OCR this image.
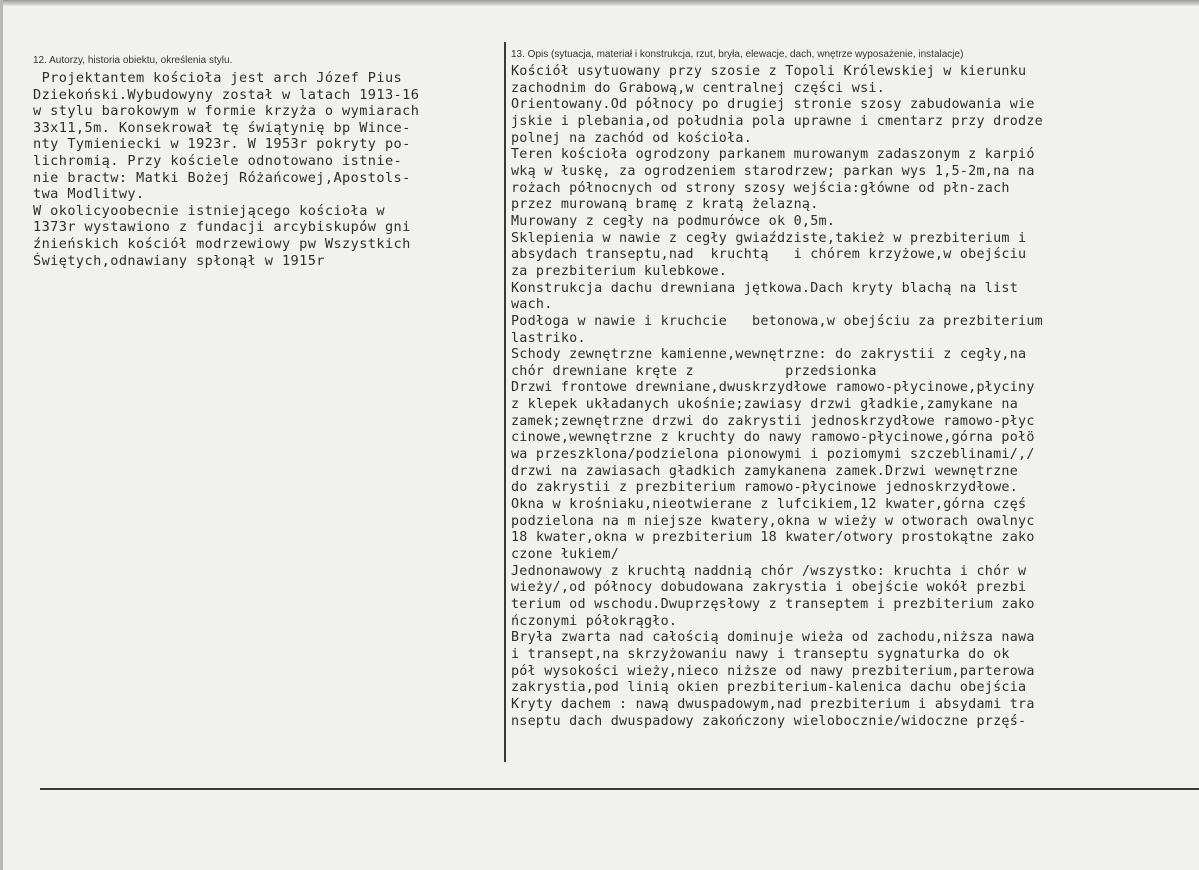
12. Autorzy, historia obiektu, określenia stylu.
Projektantem kościoła jest arch Józef Pius
Dziekoński.Wybudowyny został w latach 1913-16
w stylu barokowym w formie krzyża o wymiarach
33x11,5m. Konsekrował tę świątynię bp Wince-
nty Tymieniecki w 1923r. W 1953r pokryty po-
lichromią. Przy kościele odnotowano istnie-
nie bractw: Matki Bożej Różańcowej,Apostols-
twa Modlitwy.
W okolicyoobecnie istniejącego kościoła w
1373r wystawiono z fundacji arcybiskupów gni
źnieńskich kościół modrzewiowy pw Wszystkich
Świętych,odnawiany spłonął w 1915r
13. Opis (sytuacja, materiał i konstrukcja, rzut, bryła, elewacje, dach, wnętrze wyposażenie, instalacje)
Kościół usytuowany przy szosie z Topoli Królewskiej w kierunku
zachodnim do Grabową,w centralnej części wsi.
Orientowany.Od północy po drugiej stronie szosy zabudowania wie
jskie i plebania,od południa pola uprawne i cmentarz przy drodze
polnej na zachód od kościoła.
Teren kościoła ogrodzony parkanem murowanym zadaszonym z karpió
wką w łuskę, za ogrodzeniem starodrzew; parkan wys 1,5-2m,na na
rożach północnych od strony szosy wejścia:główne od płn-zach
przez murowaną bramę z kratą żelazną.
Murowany z cegły na podmurówce ok 0,5m.
Sklepienia w nawie z cegły gwiaździste,takież w prezbiterium i
absydach transeptu,nad  kruchtą   i chórem krzyżowe,w obejściu
za prezbiterium kulebkowe.
Konstrukcja dachu drewniana jętkowa.Dach kryty blachą na list
wach.
Podłoga w nawie i kruchcie   betonowa,w obejściu za prezbiterium
lastriko.
Schody zewnętrzne kamienne,wewnętrzne: do zakrystii z cegły,na
chór drewniane kręte z           przedsionka
Drzwi frontowe drewniane,dwuskrzydłowe ramowo-płycinowe,płyciny
z klepek układanych ukośnie;zawiasy drzwi gładkie,zamykane na
zamek;zewnętrzne drzwi do zakrystii jednoskrzydłowe ramowo-płyc
cinowe,wewnętrzne z kruchty do nawy ramowo-płycinowe,górna połö
wa przeszklona/podzielona pionowymi i poziomymi szczeblinami/,/
drzwi na zawiasach gładkich zamykanena zamek.Drzwi wewnętrzne
do zakrystii z prezbiterium ramowo-płycinowe jednoskrzydłowe.
Okna w krośniaku,nieotwierane z lufcikiem,12 kwater,górna częś
podzielona na m niejsze kwatery,okna w wieży w otworach owalnyc
18 kwater,okna w prezbiterium 18 kwater/otwory prostokątne zako
czone łukiem/
Jednonawowy z kruchtą naddnią chór /wszystko: kruchta i chór w
wieży/,od północy dobudowana zakrystia i obejście wokół prezbi
terium od wschodu.Dwuprzęsłowy z transeptem i prezbiterium zako
ńczonymi półokrągło.
Bryła zwarta nad całością dominuje wieża od zachodu,niższa nawa
i transept,na skrzyżowaniu nawy i transeptu sygnaturka do ok
pół wysokości wieży,nieco niższe od nawy prezbiterium,parterowa
zakrystia,pod linią okien prezbiterium-kalenica dachu obejścia
Kryty dachem : nawą dwuspadowym,nad prezbiterium i absydami tra
nseptu dach dwuspadowy zakończony wielobocznie/widoczne przęś-
